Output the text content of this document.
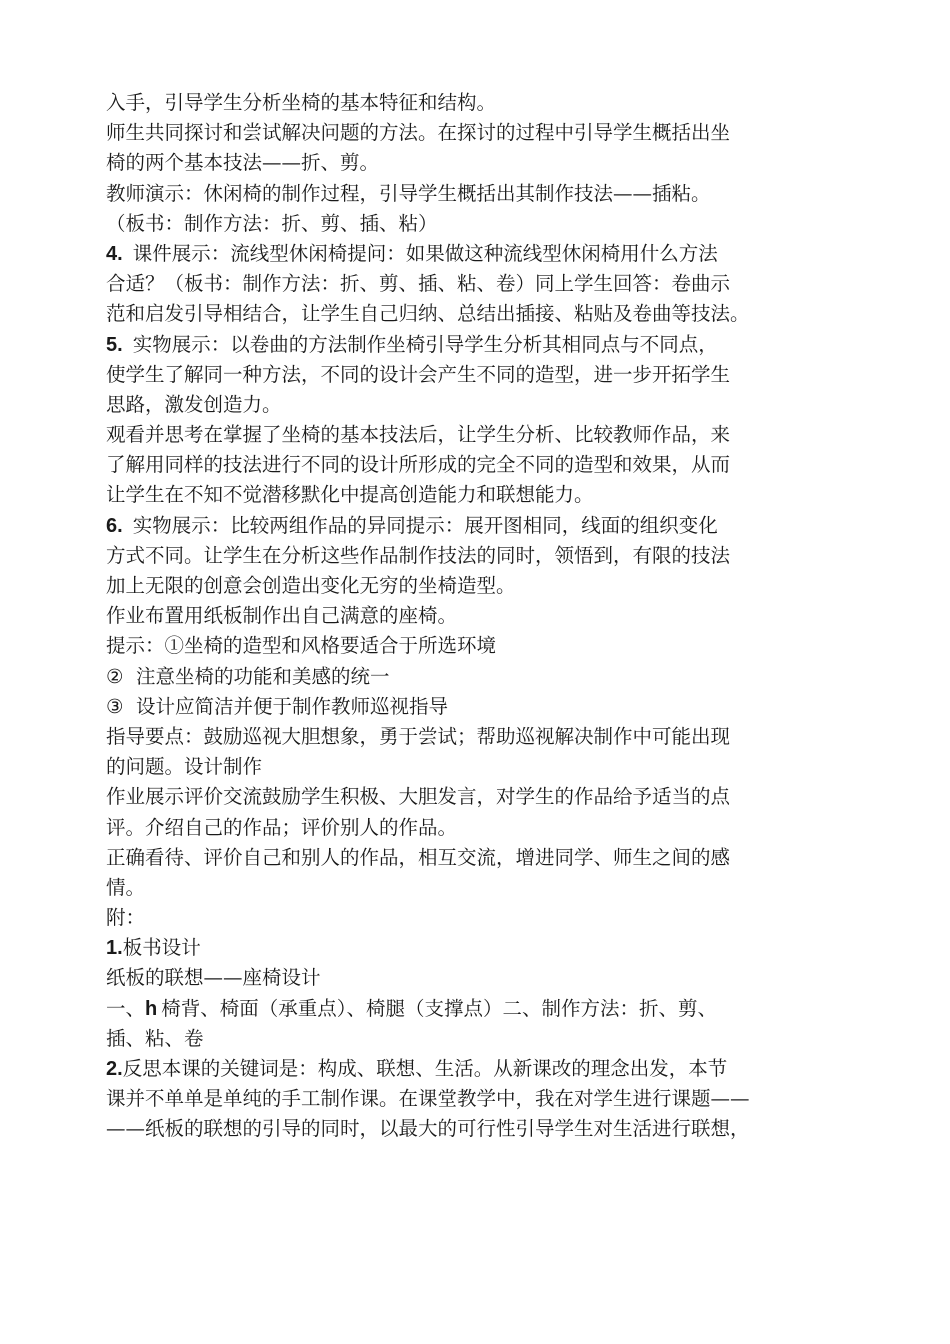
入手，引导学生分析坐椅的基本特征和结构。
师生共同探讨和尝试解决问题的方法。在探讨的过程中引导学生概括出坐
椅的两个基本技法——折、剪。
教师演示：休闲椅的制作过程，引导学生概括出其制作技法——插粘。
（板书：制作方法：折、剪、插、粘）
4. 课件展示：流线型休闲椅提问：如果做这种流线型休闲椅用什么方法
合适？（板书：制作方法：折、剪、插、粘、卷）同上学生回答：卷曲示
范和启发引导相结合，让学生自己归纳、总结出插接、粘贴及卷曲等技法。
5. 实物展示：以卷曲的方法制作坐椅引导学生分析其相同点与不同点，
使学生了解同一种方法，不同的设计会产生不同的造型，进一步开拓学生
思路，激发创造力。
观看并思考在掌握了坐椅的基本技法后，让学生分析、比较教师作品，来
了解用同样的技法进行不同的设计所形成的完全不同的造型和效果，从而
让学生在不知不觉潜移默化中提高创造能力和联想能力。
6. 实物展示：比较两组作品的异同提示：展开图相同，线面的组织变化
方式不同。让学生在分析这些作品制作技法的同时，领悟到，有限的技法
加上无限的创意会创造出变化无穷的坐椅造型。
作业布置用纸板制作出自己满意的座椅。
提示：①坐椅的造型和风格要适合于所选环境
② 注意坐椅的功能和美感的统一
③ 设计应简洁并便于制作教师巡视指导
指导要点：鼓励巡视大胆想象，勇于尝试；帮助巡视解决制作中可能出现
的问题。设计制作
作业展示评价交流鼓励学生积极、大胆发言，对学生的作品给予适当的点
评。介绍自己的作品；评价别人的作品。
正确看待、评价自己和别人的作品，相互交流，增进同学、师生之间的感
情。
附：
1.板书设计
纸板的联想——座椅设计
一、h 椅背、椅面（承重点）、椅腿（支撑点）二、制作方法：折、剪、
插、粘、卷
2.反思本课的关键词是：构成、联想、生活。从新课改的理念出发，本节
课并不单单是单纯的手工制作课。在课堂教学中，我在对学生进行课题——
——纸板的联想的引导的同时，以最大的可行性引导学生对生活进行联想，
